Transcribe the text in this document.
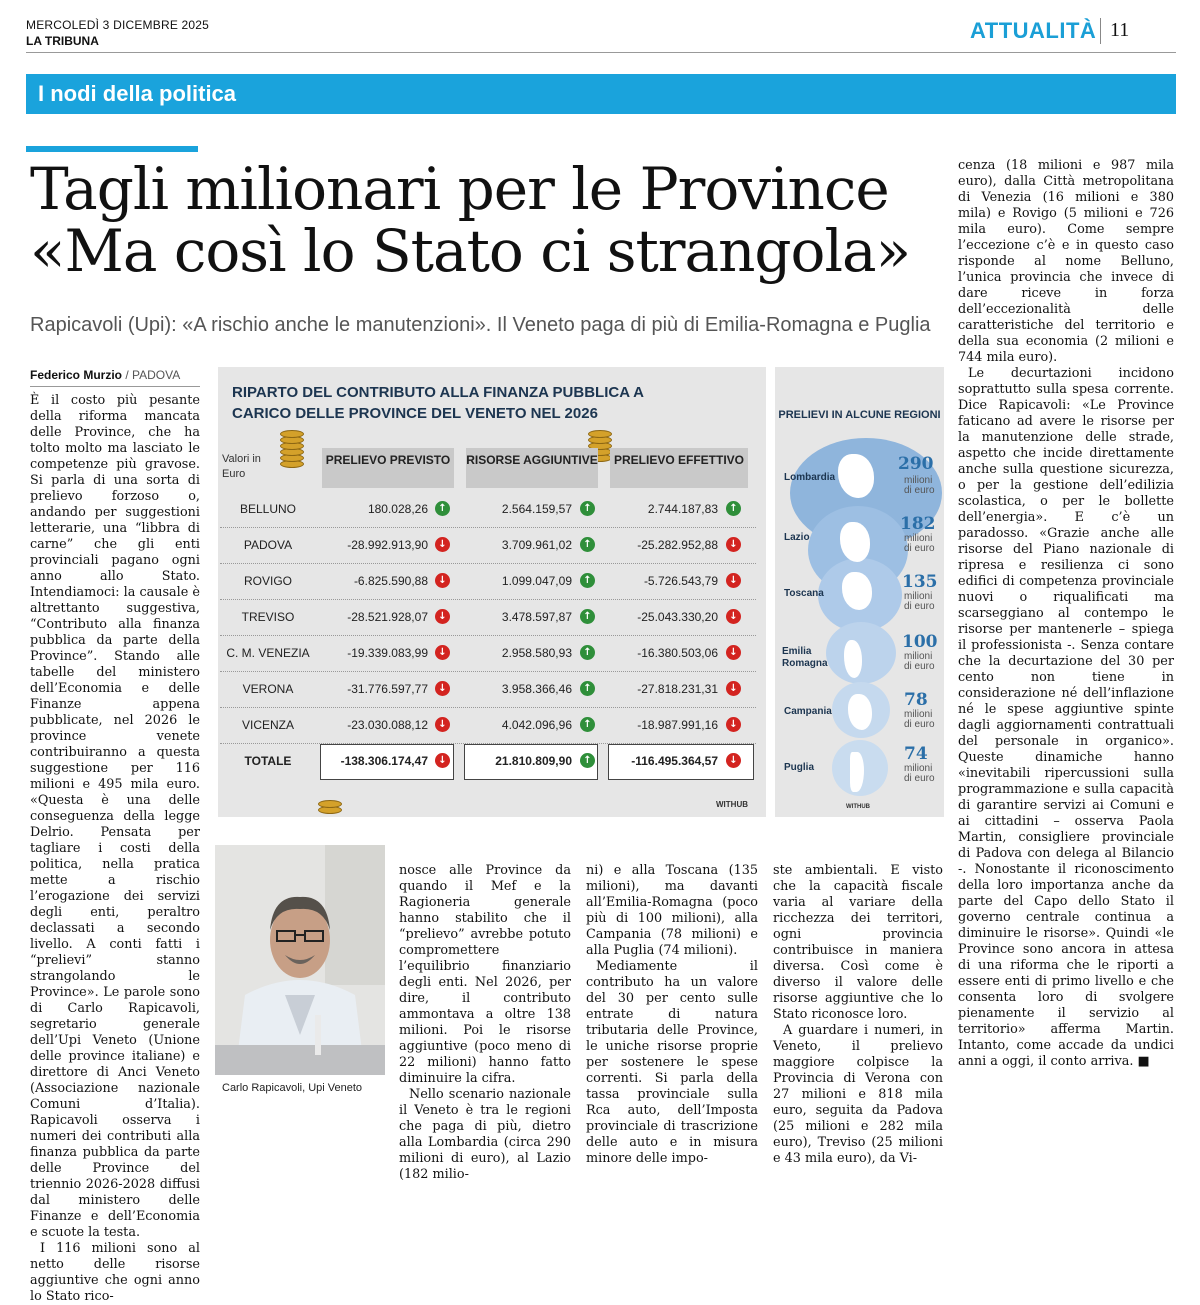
MERCOLEDÌ 3 DICEMBRE 2025
LA TRIBUNA	ATTUALITÀ 11
I nodi della politica
Tagli milionari per le Province
«Ma così lo Stato ci strangola»
Rapicavoli (Upi): «A rischio anche le manutenzioni». Il Veneto paga di più di Emilia-Romagna e Puglia
Federico Murzio / PADOVA

È il costo più pesante della riforma mancata delle Province, che ha tolto molto ma lasciato le competenze più gravose. Si parla di una sorta di prelievo forzoso o, andando per suggestioni letterarie, una “libbra di carne” che gli enti provinciali pagano ogni anno allo Stato. Intendiamoci: la causale è altrettanto suggestiva, “Contributo alla finanza pubblica da parte della Province”. Stando alle tabelle del ministero dell’Economia e delle Finanze appena pubblicate, nel 2026 le province venete contribuiranno a questa suggestione per 116 milioni e 495 mila euro. «Questa è una delle conseguenza della legge Delrio. Pensata per tagliare i costi della politica, nella pratica mette a rischio l’erogazione dei servizi degli enti, peraltro declassati a secondo livello. A conti fatti i “prelievi” stanno strangolando le Province». Le parole sono di Carlo Rapicavoli, segretario generale dell’Upi Veneto (Unione delle province italiane) e direttore di Anci Veneto (Associazione nazionale Comuni d’Italia). Rapicavoli osserva i numeri dei contributi alla finanza pubblica da parte delle Province del triennio 2026-2028 diffusi dal ministero delle Finanze e dell’Economia e scuote la testa.

I 116 milioni sono al netto delle risorse aggiuntive che ogni anno lo Stato rico-

RIPARTO DEL CONTRIBUTO ALLA FINANZA PUBBLICA A CARICO DELLE PROVINCE DEL VENETO NEL 2026
Valori in Euro
PRELIEVO PREVISTO	RISORSE AGGIUNTIVE	PRELIEVO EFFETTIVO
BELLUNO	180.028,26	↑	2.564.159,57	↑	2.744.187,83	↑
PADOVA	-28.992.913,90	↓	3.709.961,02	↑	-25.282.952,88	↓
ROVIGO	-6.825.590,88	↓	1.099.047,09	↑	-5.726.543,79	↓
TREVISO	-28.521.928,07	↓	3.478.597,87	↑	-25.043.330,20	↓
C. M. VENEZIA	-19.339.083,99	↓	2.958.580,93	↑	-16.380.503,06	↓
VERONA	-31.776.597,77	↓	3.958.366,46	↑	-27.818.231,31	↓
VICENZA	-23.030.088,12	↓	4.042.096,96	↑	-18.987.991,16	↓
TOTALE	-138.306.174,47	↓	21.810.809,90	↑	-116.495.364,57	↓
WITHUB
PRELIEVI IN ALCUNE REGIONI
Lombardia
290
milioni
di euro
Lazio
182
milioni
di euro
Toscana
135
milioni
di euro
Emilia Romagna
100
milioni
di euro
Campania
78
milioni
di euro
Puglia
74
milioni
di euro
WITHUB
Carlo Rapicavoli, Upi Veneto

nosce alle Province da quando il Mef e la Ragioneria generale hanno stabilito che il “prelievo” avrebbe potuto compromettere l’equilibrio finanziario degli enti. Nel 2026, per dire, il contributo ammontava a oltre 138 milioni. Poi le risorse aggiuntive (poco meno di 22 milioni) hanno fatto diminuire la cifra.

Nello scenario nazionale il Veneto è tra le regioni che paga di più, dietro alla Lombardia (circa 290 milioni di euro), al Lazio (182 milio-

ni) e alla Toscana (135 milioni), ma davanti all’Emilia-Romagna (poco più di 100 milioni), alla Campania (78 milioni) e alla Puglia (74 milioni).

Mediamente il contributo ha un valore del 30 per cento sulle entrate di natura tributaria delle Province, le uniche risorse proprie per sostenere le spese correnti. Si parla della tassa provinciale sulla Rca auto, dell’Imposta provinciale di trascrizione delle auto e in misura minore delle impo-

ste ambientali. E visto che la capacità fiscale varia al variare della ricchezza dei territori, ogni provincia contribuisce in maniera diversa. Così come è diverso il valore delle risorse aggiuntive che lo Stato riconosce loro.

A guardare i numeri, in Veneto, il prelievo maggiore colpisce la Provincia di Verona con 27 milioni e 818 mila euro, seguita da Padova (25 milioni e 282 mila euro), Treviso (25 milioni e 43 mila euro), da Vi-

cenza (18 milioni e 987 mila euro), dalla Città metropolitana di Venezia (16 milioni e 380 mila) e Rovigo (5 milioni e 726 mila euro). Come sempre l’eccezione c’è e in questo caso risponde al nome Belluno, l’unica provincia che invece di dare riceve in forza dell’eccezionalità delle caratteristiche del territorio e della sua economia (2 milioni e 744 mila euro).

Le decurtazioni incidono soprattutto sulla spesa corrente. Dice Rapicavoli: «Le Province faticano ad avere le risorse per la manutenzione delle strade, aspetto che incide direttamente anche sulla questione sicurezza, o per la gestione dell’edilizia scolastica, o per le bollette dell’energia». E c’è un paradosso. «Grazie anche alle risorse del Piano nazionale di ripresa e resilienza ci sono edifici di competenza provinciale nuovi o riqualificati ma scarseggiano al contempo le risorse per mantenerle – spiega il professionista -. Senza contare che la decurtazione del 30 per cento non tiene in considerazione né dell’inflazione né le spese aggiuntive spinte dagli aggiornamenti contrattuali del personale in organico». Queste dinamiche hanno «inevitabili ripercussioni sulla programmazione e sulla capacità di garantire servizi ai Comuni e ai cittadini – osserva Paola Martin, consigliere provinciale di Padova con delega al Bilancio -. Nonostante il riconoscimento della loro importanza anche da parte del Capo dello Stato il governo centrale continua a diminuire le risorse». Quindi «le Province sono ancora in attesa di una riforma che le riporti a essere enti di primo livello e che consenta loro di svolgere pienamente il servizio al territorio» afferma Martin. Intanto, come accade da undici anni a oggi, il conto arriva. ■
